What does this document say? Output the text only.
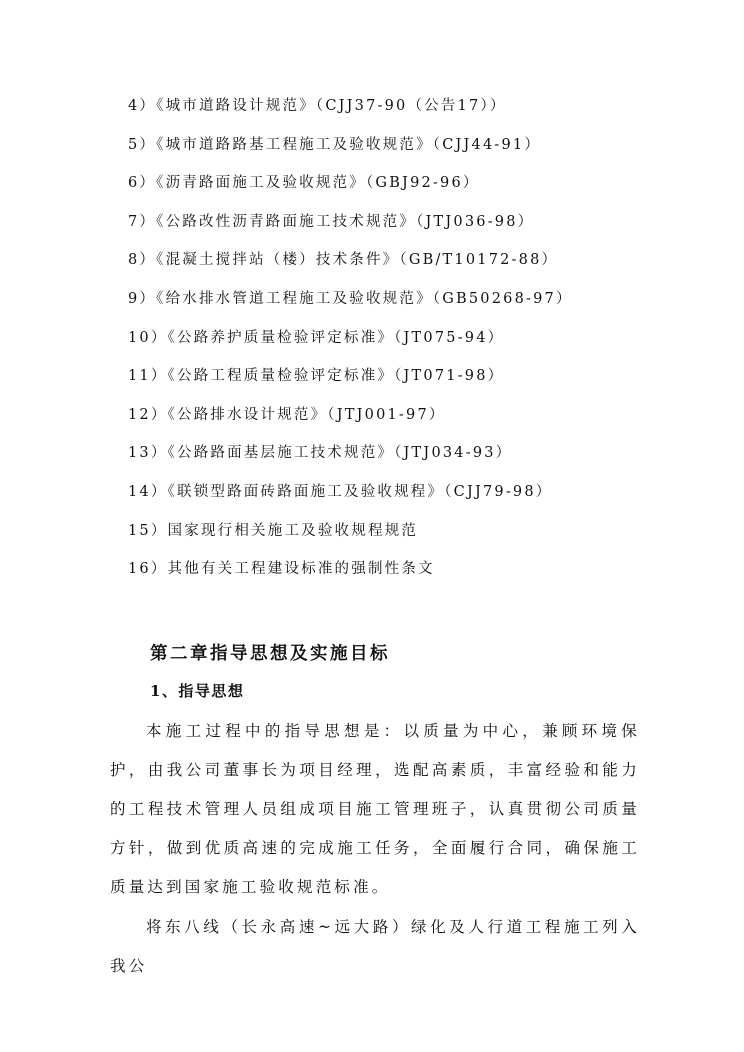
4）《城市道路设计规范》（CJJ37-90（公告17））
5）《城市道路路基工程施工及验收规范》（CJJ44-91）
6）《沥青路面施工及验收规范》（GBJ92-96）
7）《公路改性沥青路面施工技术规范》（JTJ036-98）
8）《混凝土搅拌站（楼）技术条件》（GB/T10172-88）
9）《给水排水管道工程施工及验收规范》（GB50268-97）
10）《公路养护质量检验评定标准》（JT075-94）
11）《公路工程质量检验评定标准》（JT071-98）
12）《公路排水设计规范》（JTJ001-97）
13）《公路路面基层施工技术规范》（JTJ034-93）
14）《联锁型路面砖路面施工及验收规程》（CJJ79-98）
15）国家现行相关施工及验收规程规范
16）其他有关工程建设标准的强制性条文
第二章指导思想及实施目标
1、指导思想

本施工过程中的指导思想是：以质量为中心，兼顾环境保护，由我公司董事长为项目经理，选配高素质，丰富经验和能力的工程技术管理人员组成项目施工管理班子，认真贯彻公司质量方针，做到优质高速的完成施工任务，全面履行合同，确保施工质量达到国家施工验收规范标准。

将东八线（长永高速~远大路）绿化及人行道工程施工列入我公
